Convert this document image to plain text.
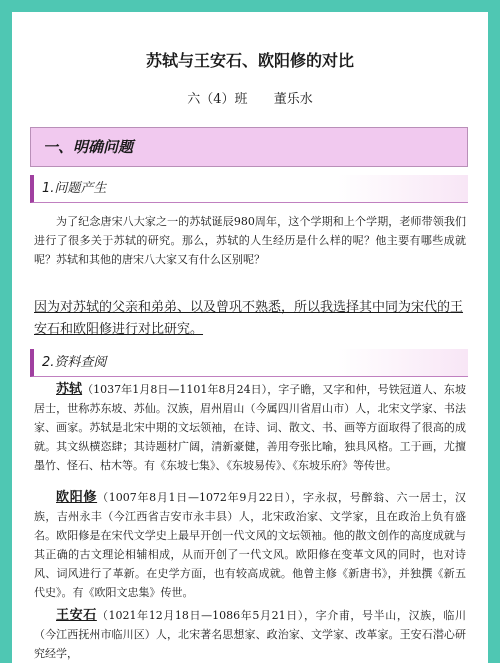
苏轼与王安石、欧阳修的对比
六（4）班 董乐水
一、明确问题
1.问题产生

为了纪念唐宋八大家之一的苏轼诞辰980周年，这个学期和上个学期，老师带领我们进行了很多关于苏轼的研究。那么，苏轼的人生经历是什么样的呢？他主要有哪些成就呢？苏轼和其他的唐宋八大家又有什么区别呢？

因为对苏轼的父亲和弟弟、以及曾巩不熟悉，所以我选择其中同为宋代的王安石和欧阳修进行对比研究。

2.资料查阅

苏轼（1037年1月8日—1101年8月24日），字子瞻，又字和仲，号铁冠道人、东坡居士，世称苏东坡、苏仙。汉族，眉州眉山（今属四川省眉山市）人，北宋文学家、书法家、画家。苏轼是北宋中期的文坛领袖，在诗、词、散文、书、画等方面取得了很高的成就。其文纵横恣肆；其诗题材广阔，清新豪健，善用夸张比喻，独具风格。工于画，尤擅墨竹、怪石、枯木等。有《东坡七集》、《东坡易传》、《东坡乐府》等传世。

欧阳修（1007年8月1日—1072年9月22日），字永叔，号醉翁、六一居士，汉族，吉州永丰（今江西省吉安市永丰县）人，北宋政治家、文学家，且在政治上负有盛名。欧阳修是在宋代文学史上最早开创一代文风的文坛领袖。他的散文创作的高度成就与其正确的古文理论相辅相成，从而开创了一代文风。欧阳修在变革文风的同时，也对诗风、词风进行了革新。在史学方面，也有较高成就。他曾主修《新唐书》，并独撰《新五代史》。有《欧阳文忠集》传世。

王安石（1021年12月18日—1086年5月21日），字介甫，号半山，汉族，临川（今江西抚州市临川区）人，北宋著名思想家、政治家、文学家、改革家。王安石潜心研究经学，
